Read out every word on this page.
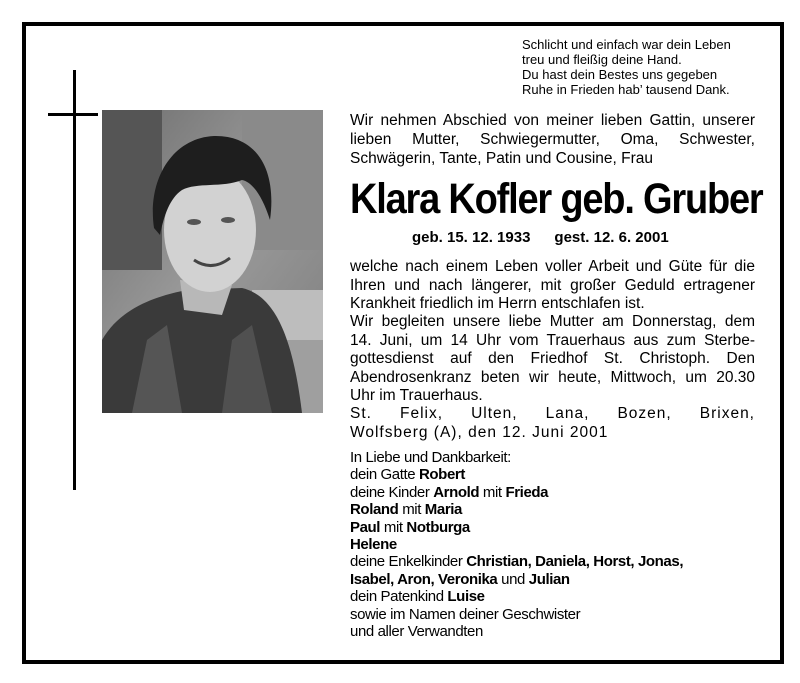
Schlicht und einfach war dein Leben
treu und fleißig deine Hand.
Du hast dein Bestes uns gegeben
Ruhe in Frieden hab’ tausend Dank.
Wir nehmen Abschied von meiner lieben Gattin, unserer
lieben Mutter, Schwiegermutter, Oma, Schwester,
Schwägerin, Tante, Patin und Cousine, Frau
Klara Kofler geb. Gruber
geb. 15. 12. 1933 gest. 12. 6. 2001
welche nach einem Leben voller Arbeit und Güte für die
Ihren und nach längerer, mit großer Geduld ertragener
Krankheit friedlich im Herrn entschlafen ist.
Wir begleiten unsere liebe Mutter am Donnerstag, dem
14. Juni, um 14 Uhr vom Trauerhaus aus zum Sterbe-
gottesdienst auf den Friedhof St. Christoph. Den
Abendrosenkranz beten wir heute, Mittwoch, um 20.30
Uhr im Trauerhaus.
St. Felix, Ulten, Lana, Bozen, Brixen,
Wolfsberg (A), den 12. Juni 2001
In Liebe und Dankbarkeit:
dein Gatte Robert
deine Kinder Arnold mit Frieda
Roland mit Maria
Paul mit Notburga
Helene
deine Enkelkinder Christian, Daniela, Horst, Jonas,
Isabel, Aron, Veronika und Julian
dein Patenkind Luise
sowie im Namen deiner Geschwister
und aller Verwandten
